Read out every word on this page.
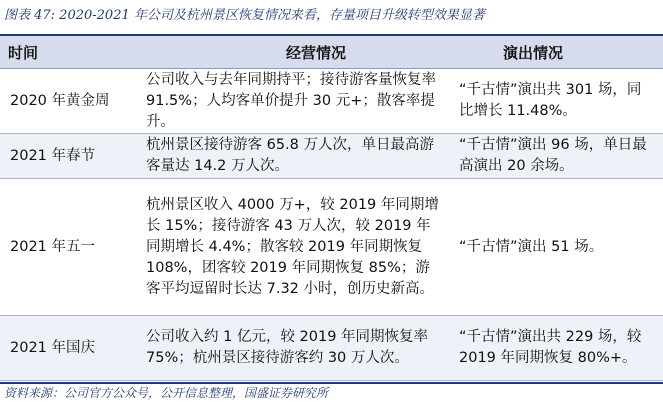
图表 47: 2020-2021 年公司及杭州景区恢复情况来看，存量项目升级转型效果显著
时间	经营情况	演出情况
2020 年黄金周	公司收入与去年同期持平；接待游客量恢复率 91.5%；人均客单价提升 30 元+；散客率提升。	“千古情”演出共 301 场，同比增长 11.48%。
2021 年春节	杭州景区接待游客 65.8 万人次，单日最高游客量达 14.2 万人次。	“千古情”演出 96 场，单日最高演出 20 余场。
2021 年五一	杭州景区收入 4000 万+，较 2019 年同期增长 15%；接待游客 43 万人次，较 2019 年同期增长 4.4%；散客较 2019 年同期恢复 108%，团客较 2019 年同期恢复 85%；游客平均逗留时长达 7.32 小时，创历史新高。	“千古情”演出 51 场。
2021 年国庆	公司收入约 1 亿元，较 2019 年同期恢复率 75%；杭州景区接待游客约 30 万人次。	“千古情”演出共 229 场，较 2019 年同期恢复 80%+。
资料来源：公司官方公众号，公开信息整理，国盛证券研究所
